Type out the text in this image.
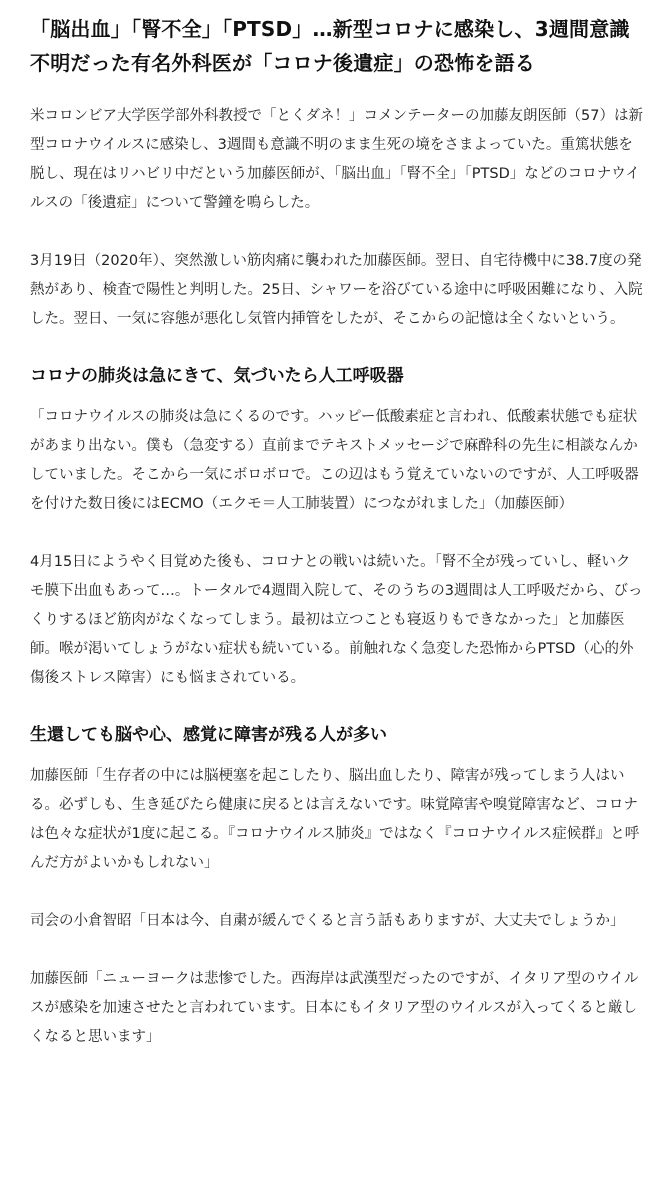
「脳出血」「腎不全」「PTSD」…新型コロナに感染し、3週間意識不明だった有名外科医が「コロナ後遺症」の恐怖を語る

米コロンビア大学医学部外科教授で「とくダネ！」コメンテーターの加藤友朗医師（57）は新型コロナウイルスに感染し、3週間も意識不明のまま生死の境をさまよっていた。重篤状態を脱し、現在はリハビリ中だという加藤医師が、「脳出血」「腎不全」「PTSD」などのコロナウイルスの「後遺症」について警鐘を鳴らした。

3月19日（2020年）、突然激しい筋肉痛に襲われた加藤医師。翌日、自宅待機中に38.7度の発熱があり、検査で陽性と判明した。25日、シャワーを浴びている途中に呼吸困難になり、入院した。翌日、一気に容態が悪化し気管内挿管をしたが、そこからの記憶は全くないという。

コロナの肺炎は急にきて、気づいたら人工呼吸器

「コロナウイルスの肺炎は急にくるのです。ハッピー低酸素症と言われ、低酸素状態でも症状があまり出ない。僕も（急変する）直前までテキストメッセージで麻酔科の先生に相談なんかしていました。そこから一気にボロボロで。この辺はもう覚えていないのですが、人工呼吸器を付けた数日後にはECMO（エクモ＝人工肺装置）につながれました」（加藤医師）

4月15日にようやく目覚めた後も、コロナとの戦いは続いた。「腎不全が残っていし、軽いクモ膜下出血もあって…。トータルで4週間入院して、そのうちの3週間は人工呼吸だから、びっくりするほど筋肉がなくなってしまう。最初は立つことも寝返りもできなかった」と加藤医師。喉が渇いてしょうがない症状も続いている。前触れなく急変した恐怖からPTSD（心的外傷後ストレス障害）にも悩まされている。

生還しても脳や心、感覚に障害が残る人が多い

加藤医師「生存者の中には脳梗塞を起こしたり、脳出血したり、障害が残ってしまう人はいる。必ずしも、生き延びたら健康に戻るとは言えないです。味覚障害や嗅覚障害など、コロナは色々な症状が1度に起こる。『コロナウイルス肺炎』ではなく『コロナウイルス症候群』と呼んだ方がよいかもしれない」

司会の小倉智昭「日本は今、自粛が緩んでくると言う話もありますが、大丈夫でしょうか」

加藤医師「ニューヨークは悲惨でした。西海岸は武漢型だったのですが、イタリア型のウイルスが感染を加速させたと言われています。日本にもイタリア型のウイルスが入ってくると厳しくなると思います」
